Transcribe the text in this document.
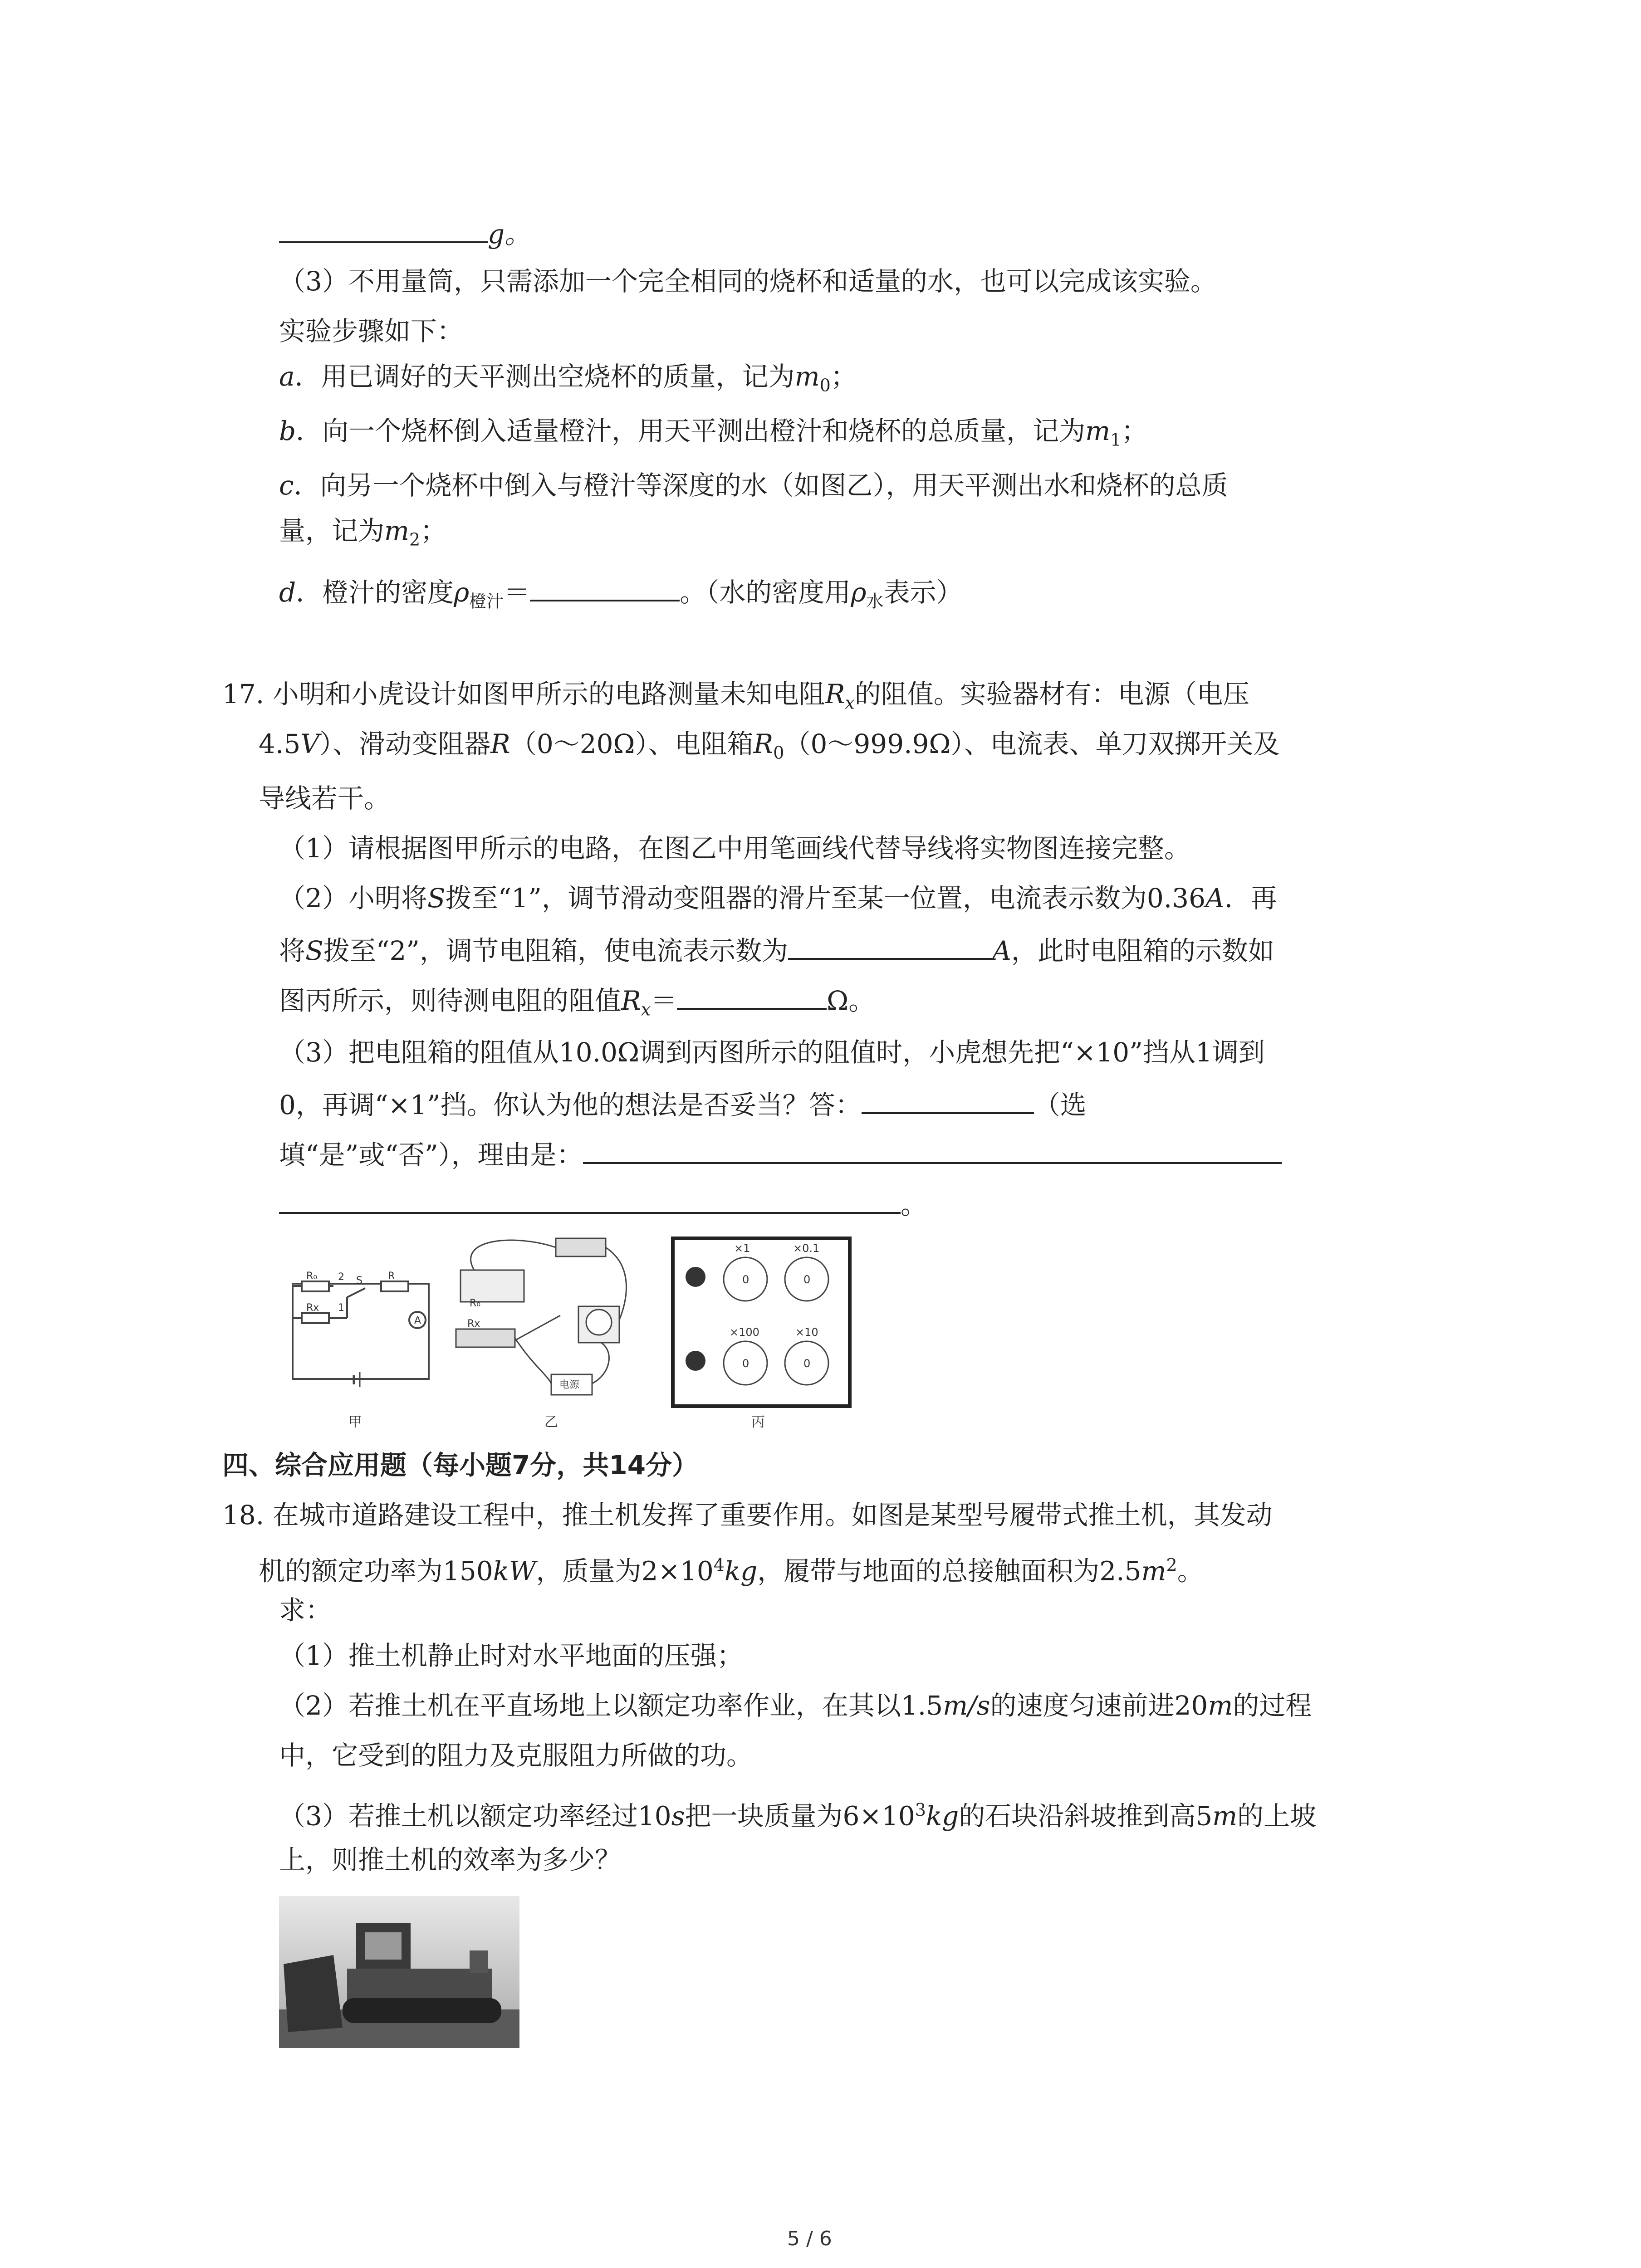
g。
（3）不用量筒，只需添加一个完全相同的烧杯和适量的水，也可以完成该实验。
实验步骤如下：
a．用已调好的天平测出空烧杯的质量，记为$m_0$；
b．向一个烧杯倒入适量橙汁，用天平测出橙汁和烧杯的总质量，记为$m_1$；
c．向另一个烧杯中倒入与橙汁等深度的水（如图乙），用天平测出水和烧杯的总质
量，记为$m_2$；
d．橙汁的密度$\rho_{橙汁}=$	。（水的密度用$\rho_水$表示）
17. 小明和小虎设计如图甲所示的电路测量未知电阻$R_x$的阻值。实验器材有：电源（电压
4.5V）、滑动变阻器R（0～20Ω）、电阻箱$R_0(0\sim 999.9\Omega)$、电流表、单刀双掷开关及
导线若干。
（1）请根据图甲所示的电路，在图乙中用笔画线代替导线将实物图连接完整。
（2）小明将S拨至“1”，调节滑动变阻器的滑片至某一位置，电流表示数为0.36A．再
将S拨至“2”，调节电阻箱，使电流表示数为	A，此时电阻箱的示数如
图丙所示，则待测电阻的阻值$R_x=$	Ω。
（3）把电阻箱的阻值从10.0Ω调到丙图所示的阻值时，小虎想先把“×10”挡从1调到
0，再调“×1”挡。你认为他的想法是否妥当？答：	（选
填“是”或“否”），理由是：
。
R₀ 2 S	R
Rx 1
A
甲
Rx
R₀
电源
乙
×1	×0.1
×100	×10
0	0
0	0
丙
四、综合应用题（每小题7分，共14分）
18. 在城市道路建设工程中，推土机发挥了重要作用。如图是某型号履带式推土机，其发动
机的额定功率为150kW，质量为$2\times 10^4kg$，履带与地面的总接触面积为$2.5m^2$。
求：
（1）推土机静止时对水平地面的压强；
（2）若推土机在平直场地上以额定功率作业，在其以1.5m/s的速度匀速前进20m的过程
中，它受到的阻力及克服阻力所做的功。
（3）若推土机以额定功率经过10s把一块质量为$6\times 10^3kg$的石块沿斜坡推到高5m的上坡
上，则推土机的效率为多少？
5 / 6
